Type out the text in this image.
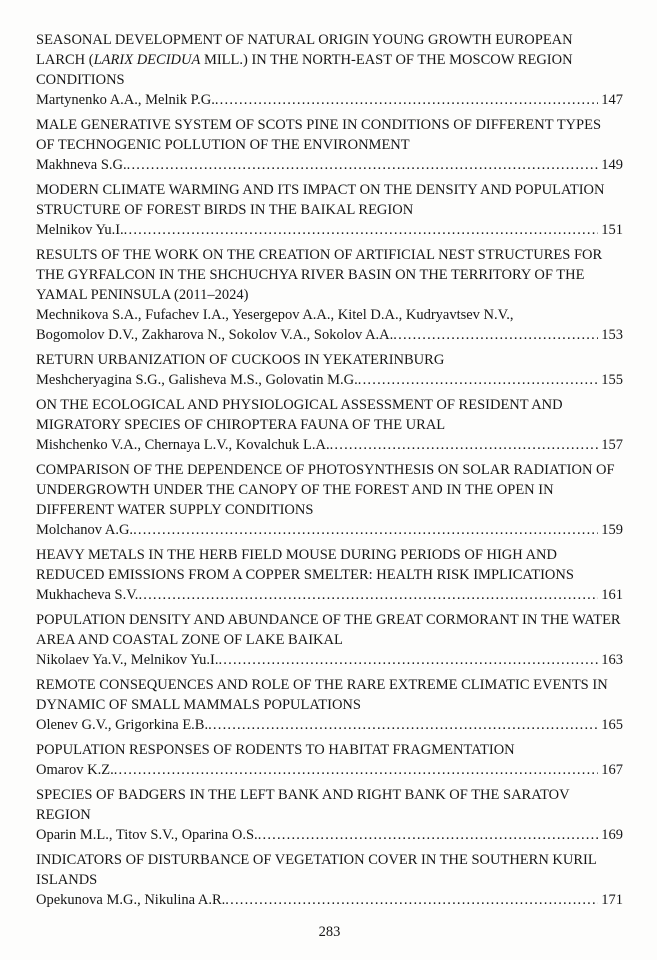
SEASONAL DEVELOPMENT OF NATURAL ORIGIN YOUNG GROWTH EUROPEAN LARCH (LARIX DECIDUA MILL.) IN THE NORTH-EAST OF THE MOSCOW REGION CONDITIONS
Martynenko A.A., Melnik P.G. .....	147
MALE GENERATIVE SYSTEM OF SCOTS PINE IN CONDITIONS OF DIFFERENT TYPES OF TECHNOGENIC POLLUTION OF THE ENVIRONMENT
Makhneva S.G. .....	149
MODERN CLIMATE WARMING AND ITS IMPACT ON THE DENSITY AND POPULATION STRUCTURE OF FOREST BIRDS IN THE BAIKAL REGION
Melnikov Yu.I. .....	151
RESULTS OF THE WORK ON THE CREATION OF ARTIFICIAL NEST STRUCTURES FOR THE GYRFALCON IN THE SHCHUCHYA RIVER BASIN ON THE TERRITORY OF THE YAMAL PENINSULA (2011–2024)
Mechnikova S.A., Fufachev I.A., Yesergepov A.A., Kitel D.A., Kudryavtsev N.V.,
Bogomolov D.V., Zakharova N., Sokolov V.A., Sokolov A.A. .....	153
RETURN URBANIZATION OF CUCKOOS IN YEKATERINBURG
Meshcheryagina S.G., Galisheva M.S., Golovatin M.G. .....	155
ON THE ECOLOGICAL AND PHYSIOLOGICAL ASSESSMENT OF RESIDENT AND MIGRATORY SPECIES OF CHIROPTERA FAUNA OF THE URAL
Mishchenko V.A., Chernaya L.V., Kovalchuk L.A. .....	157
COMPARISON OF THE DEPENDENCE OF PHOTOSYNTHESIS ON SOLAR RADIATION OF UNDERGROWTH UNDER THE CANOPY OF THE FOREST AND IN THE OPEN IN DIFFERENT WATER SUPPLY CONDITIONS
Molchanov A.G. .....	159
HEAVY METALS IN THE HERB FIELD MOUSE DURING PERIODS OF HIGH AND REDUCED EMISSIONS FROM A COPPER SMELTER: HEALTH RISK IMPLICATIONS
Mukhacheva S.V. .....	161
POPULATION DENSITY AND ABUNDANCE OF THE GREAT CORMORANT IN THE WATER AREA AND COASTAL ZONE OF LAKE BAIKAL
Nikolaev Ya.V., Melnikov Yu.I. .....	163
REMOTE CONSEQUENCES AND ROLE OF THE RARE EXTREME CLIMATIC EVENTS IN DYNAMIC OF SMALL MAMMALS POPULATIONS
Olenev G.V., Grigorkina E.B. .....	165
POPULATION RESPONSES OF RODENTS TO HABITAT FRAGMENTATION
Omarov K.Z. .....	167
SPECIES OF BADGERS IN THE LEFT BANK AND RIGHT BANK OF THE SARATOV REGION
Oparin M.L., Titov S.V., Oparina O.S. .....	169
INDICATORS OF DISTURBANCE OF VEGETATION COVER IN THE SOUTHERN KURIL ISLANDS
Opekunova M.G., Nikulina A.R. .....	171
283
